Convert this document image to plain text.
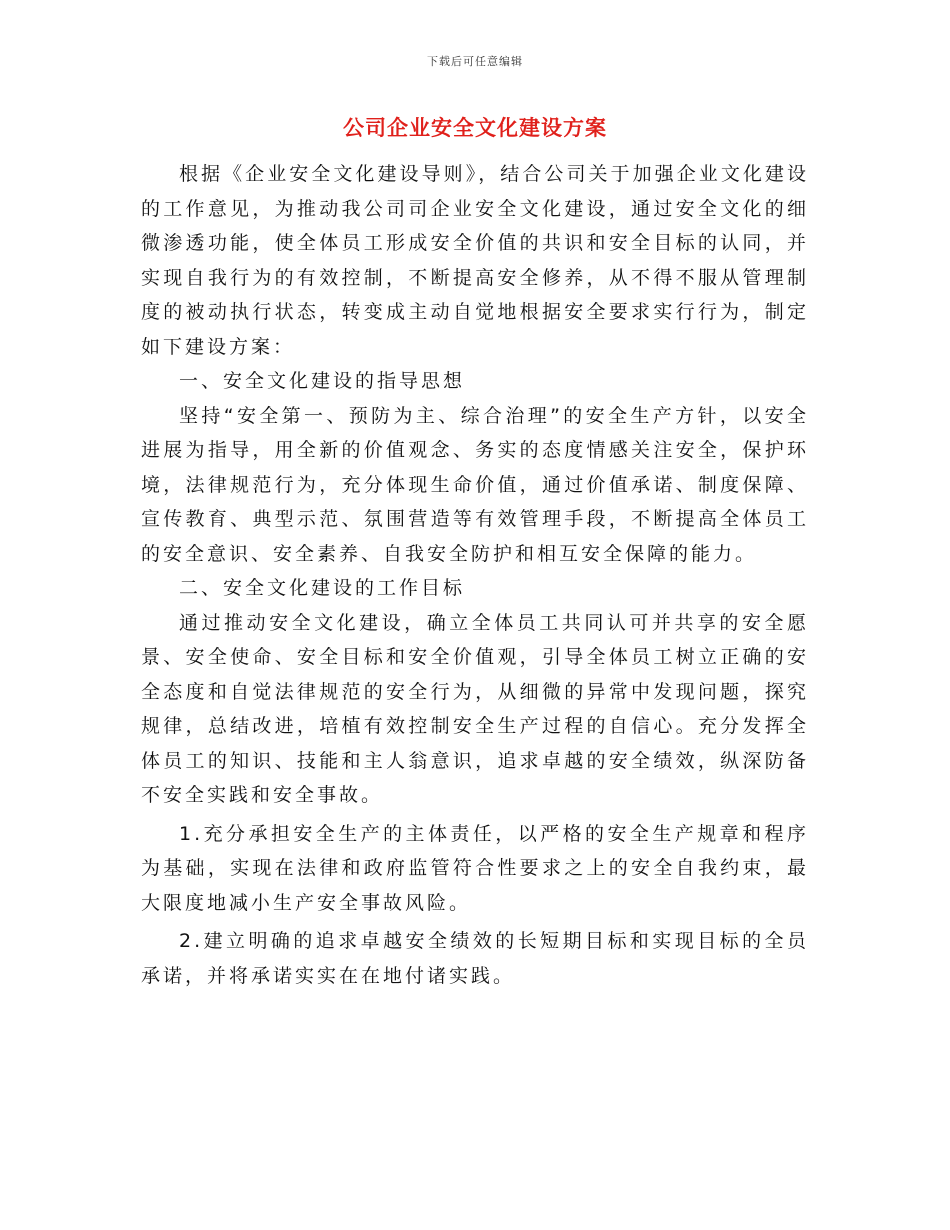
下载后可任意编辑
公司企业安全文化建设方案

根据《企业安全文化建设导则》，结合公司关于加强企业文化建设的工作意见，为推动我公司司企业安全文化建设，通过安全文化的细微渗透功能，使全体员工形成安全价值的共识和安全目标的认同，并实现自我行为的有效控制，不断提高安全修养，从不得不服从管理制度的被动执行状态，转变成主动自觉地根据安全要求实行行为，制定如下建设方案：

一、安全文化建设的指导思想

坚持“安全第一、预防为主、综合治理”的安全生产方针，以安全进展为指导，用全新的价值观念、务实的态度情感关注安全，保护环境，法律规范行为，充分体现生命价值，通过价值承诺、制度保障、宣传教育、典型示范、氛围营造等有效管理手段，不断提高全体员工的安全意识、安全素养、自我安全防护和相互安全保障的能力。

二、安全文化建设的工作目标

通过推动安全文化建设，确立全体员工共同认可并共享的安全愿景、安全使命、安全目标和安全价值观，引导全体员工树立正确的安全态度和自觉法律规范的安全行为，从细微的异常中发现问题，探究规律，总结改进，培植有效控制安全生产过程的自信心。充分发挥全体员工的知识、技能和主人翁意识，追求卓越的安全绩效，纵深防备不安全实践和安全事故。

1.充分承担安全生产的主体责任，以严格的安全生产规章和程序为基础，实现在法律和政府监管符合性要求之上的安全自我约束，最大限度地减小生产安全事故风险。

2.建立明确的追求卓越安全绩效的长短期目标和实现目标的全员承诺，并将承诺实实在在地付诸实践。
